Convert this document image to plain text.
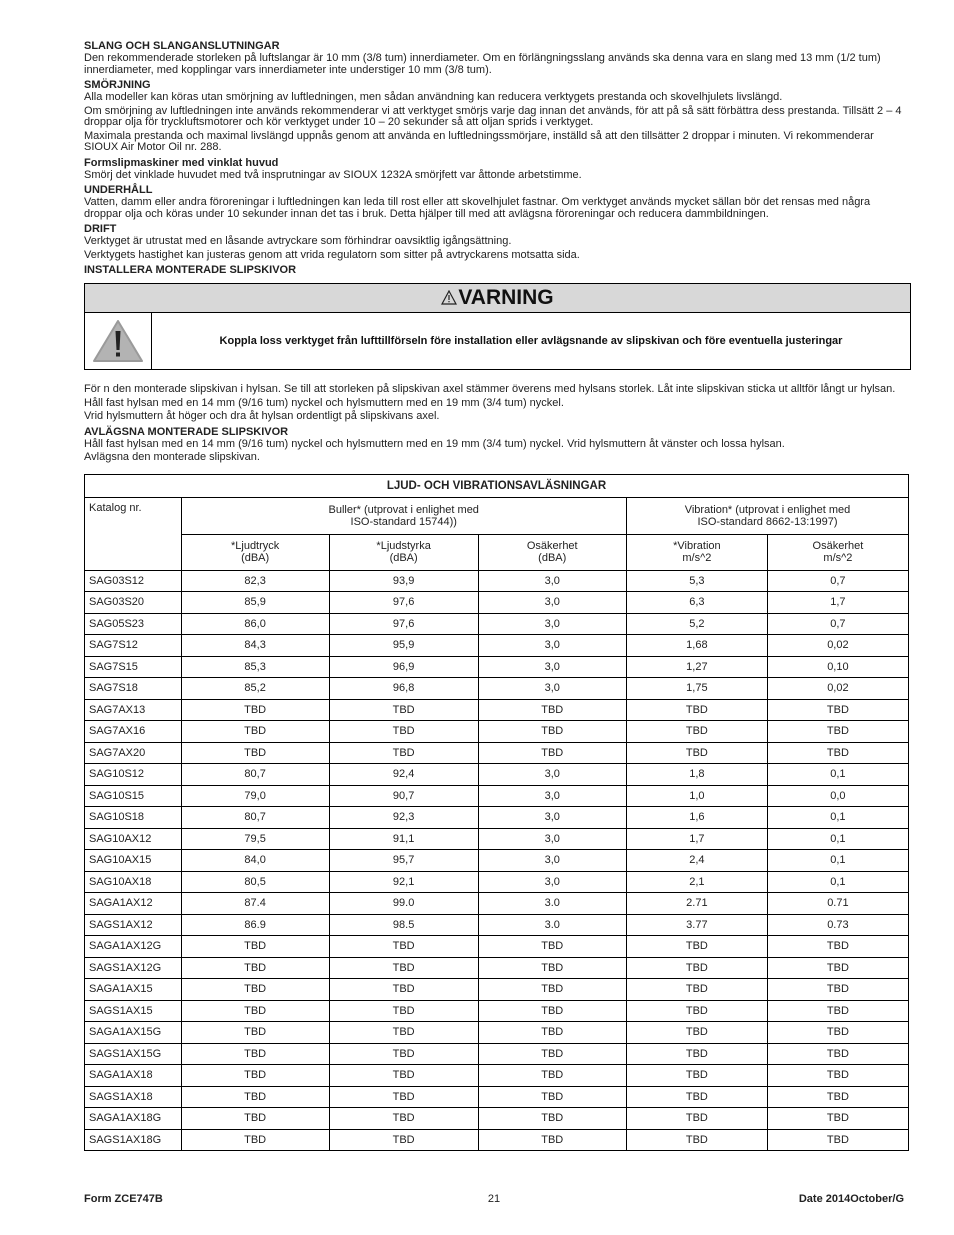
SLANG OCH SLANGANSLUTNINGAR
Den rekommenderade storleken på luftslangar är 10 mm (3/8 tum) innerdiameter. Om en förlängningsslang används ska denna vara en slang med 13 mm (1/2 tum) innerdiameter, med kopplingar vars innerdiameter inte understiger 10 mm (3/8 tum).
SMÖRJNING
Alla modeller kan köras utan smörjning av luftledningen, men sådan användning kan reducera verktygets prestanda och skovelhjulets livslängd.
Om smörjning av luftledningen inte används rekommenderar vi att verktyget smörjs varje dag innan det används, för att på så sätt förbättra dess prestanda. Tillsätt 2 – 4 droppar olja för tryckluftsmotorer och kör verktyget under 10 – 20 sekunder så att oljan sprids i verktyget.
Maximala prestanda och maximal livslängd uppnås genom att använda en luftledningssmörjare, inställd så att den tillsätter 2 droppar i minuten. Vi rekommenderar SIOUX Air Motor Oil nr. 288.
Formslipmaskiner med vinklat huvud
Smörj det vinklade huvudet med två insprutningar av SIOUX 1232A smörjfett var åttonde arbetstimme.
UNDERHÅLL
Vatten, damm eller andra föroreningar i luftledningen kan leda till rost eller att skovelhjulet fastnar. Om verktyget används mycket sällan bör det rensas med några droppar olja och köras under 10 sekunder innan det tas i bruk. Detta hjälper till med att avlägsna föroreningar och reducera dammbildningen.
DRIFT
Verktyget är utrustat med en låsande avtryckare som förhindrar oavsiktlig igångsättning.
Verktygets hastighet kan justeras genom att vrida regulatorn som sitter på avtryckarens motsatta sida.
INSTALLERA MONTERADE SLIPSKIVOR
VARNING
Koppla loss verktyget från lufttillförseln före installation eller avlägsnande av slipskivan och före eventuella justeringar
För n den monterade slipskivan i hylsan. Se till att storleken på slipskivan axel stämmer överens med hylsans storlek. Låt inte slipskivan sticka ut alltför långt ur hylsan.
Håll fast hylsan med en 14 mm (9/16 tum) nyckel och hylsmuttern med en 19 mm (3/4 tum) nyckel.
Vrid hylsmuttern åt höger och dra åt hylsan ordentligt på slipskivans axel.
AVLÄGSNA MONTERADE SLIPSKIVOR
Håll fast hylsan med en 14 mm (9/16 tum) nyckel och hylsmuttern med en 19 mm (3/4 tum) nyckel. Vrid hylsmuttern åt vänster och lossa hylsan.
Avlägsna den monterade slipskivan.
LJUD- OCH VIBRATIONSAVLÄSNINGAR					
Katalog nr.	Buller* (utprovat i enlighet med
ISO-standard 15744))			Vibration* (utprovat i enlighet med
ISO-standard 8662-13:1997)	
	*Ljudtryck
(dBA)	*Ljudstyrka
(dBA)	Osäkerhet
(dBA)	*Vibration
m/s^2	Osäkerhet
m/s^2
SAG03S12	82,3	93,9	3,0	5,3	0,7
SAG03S20	85,9	97,6	3,0	6,3	1,7
SAG05S23	86,0	97,6	3,0	5,2	0,7
SAG7S12	84,3	95,9	3,0	1,68	0,02
SAG7S15	85,3	96,9	3,0	1,27	0,10
SAG7S18	85,2	96,8	3,0	1,75	0,02
SAG7AX13	TBD	TBD	TBD	TBD	TBD
SAG7AX16	TBD	TBD	TBD	TBD	TBD
SAG7AX20	TBD	TBD	TBD	TBD	TBD
SAG10S12	80,7	92,4	3,0	1,8	0,1
SAG10S15	79,0	90,7	3,0	1,0	0,0
SAG10S18	80,7	92,3	3,0	1,6	0,1
SAG10AX12	79,5	91,1	3,0	1,7	0,1
SAG10AX15	84,0	95,7	3,0	2,4	0,1
SAG10AX18	80,5	92,1	3,0	2,1	0,1
SAGA1AX12	87.4	99.0	3.0	2.71	0.71
SAGS1AX12	86.9	98.5	3.0	3.77	0.73
SAGA1AX12G	TBD	TBD	TBD	TBD	TBD
SAGS1AX12G	TBD	TBD	TBD	TBD	TBD
SAGA1AX15	TBD	TBD	TBD	TBD	TBD
SAGS1AX15	TBD	TBD	TBD	TBD	TBD
SAGA1AX15G	TBD	TBD	TBD	TBD	TBD
SAGS1AX15G	TBD	TBD	TBD	TBD	TBD
SAGA1AX18	TBD	TBD	TBD	TBD	TBD
SAGS1AX18	TBD	TBD	TBD	TBD	TBD
SAGA1AX18G	TBD	TBD	TBD	TBD	TBD
SAGS1AX18G	TBD	TBD	TBD	TBD	TBD
Form ZCE747B	21	Date 2014October/G
